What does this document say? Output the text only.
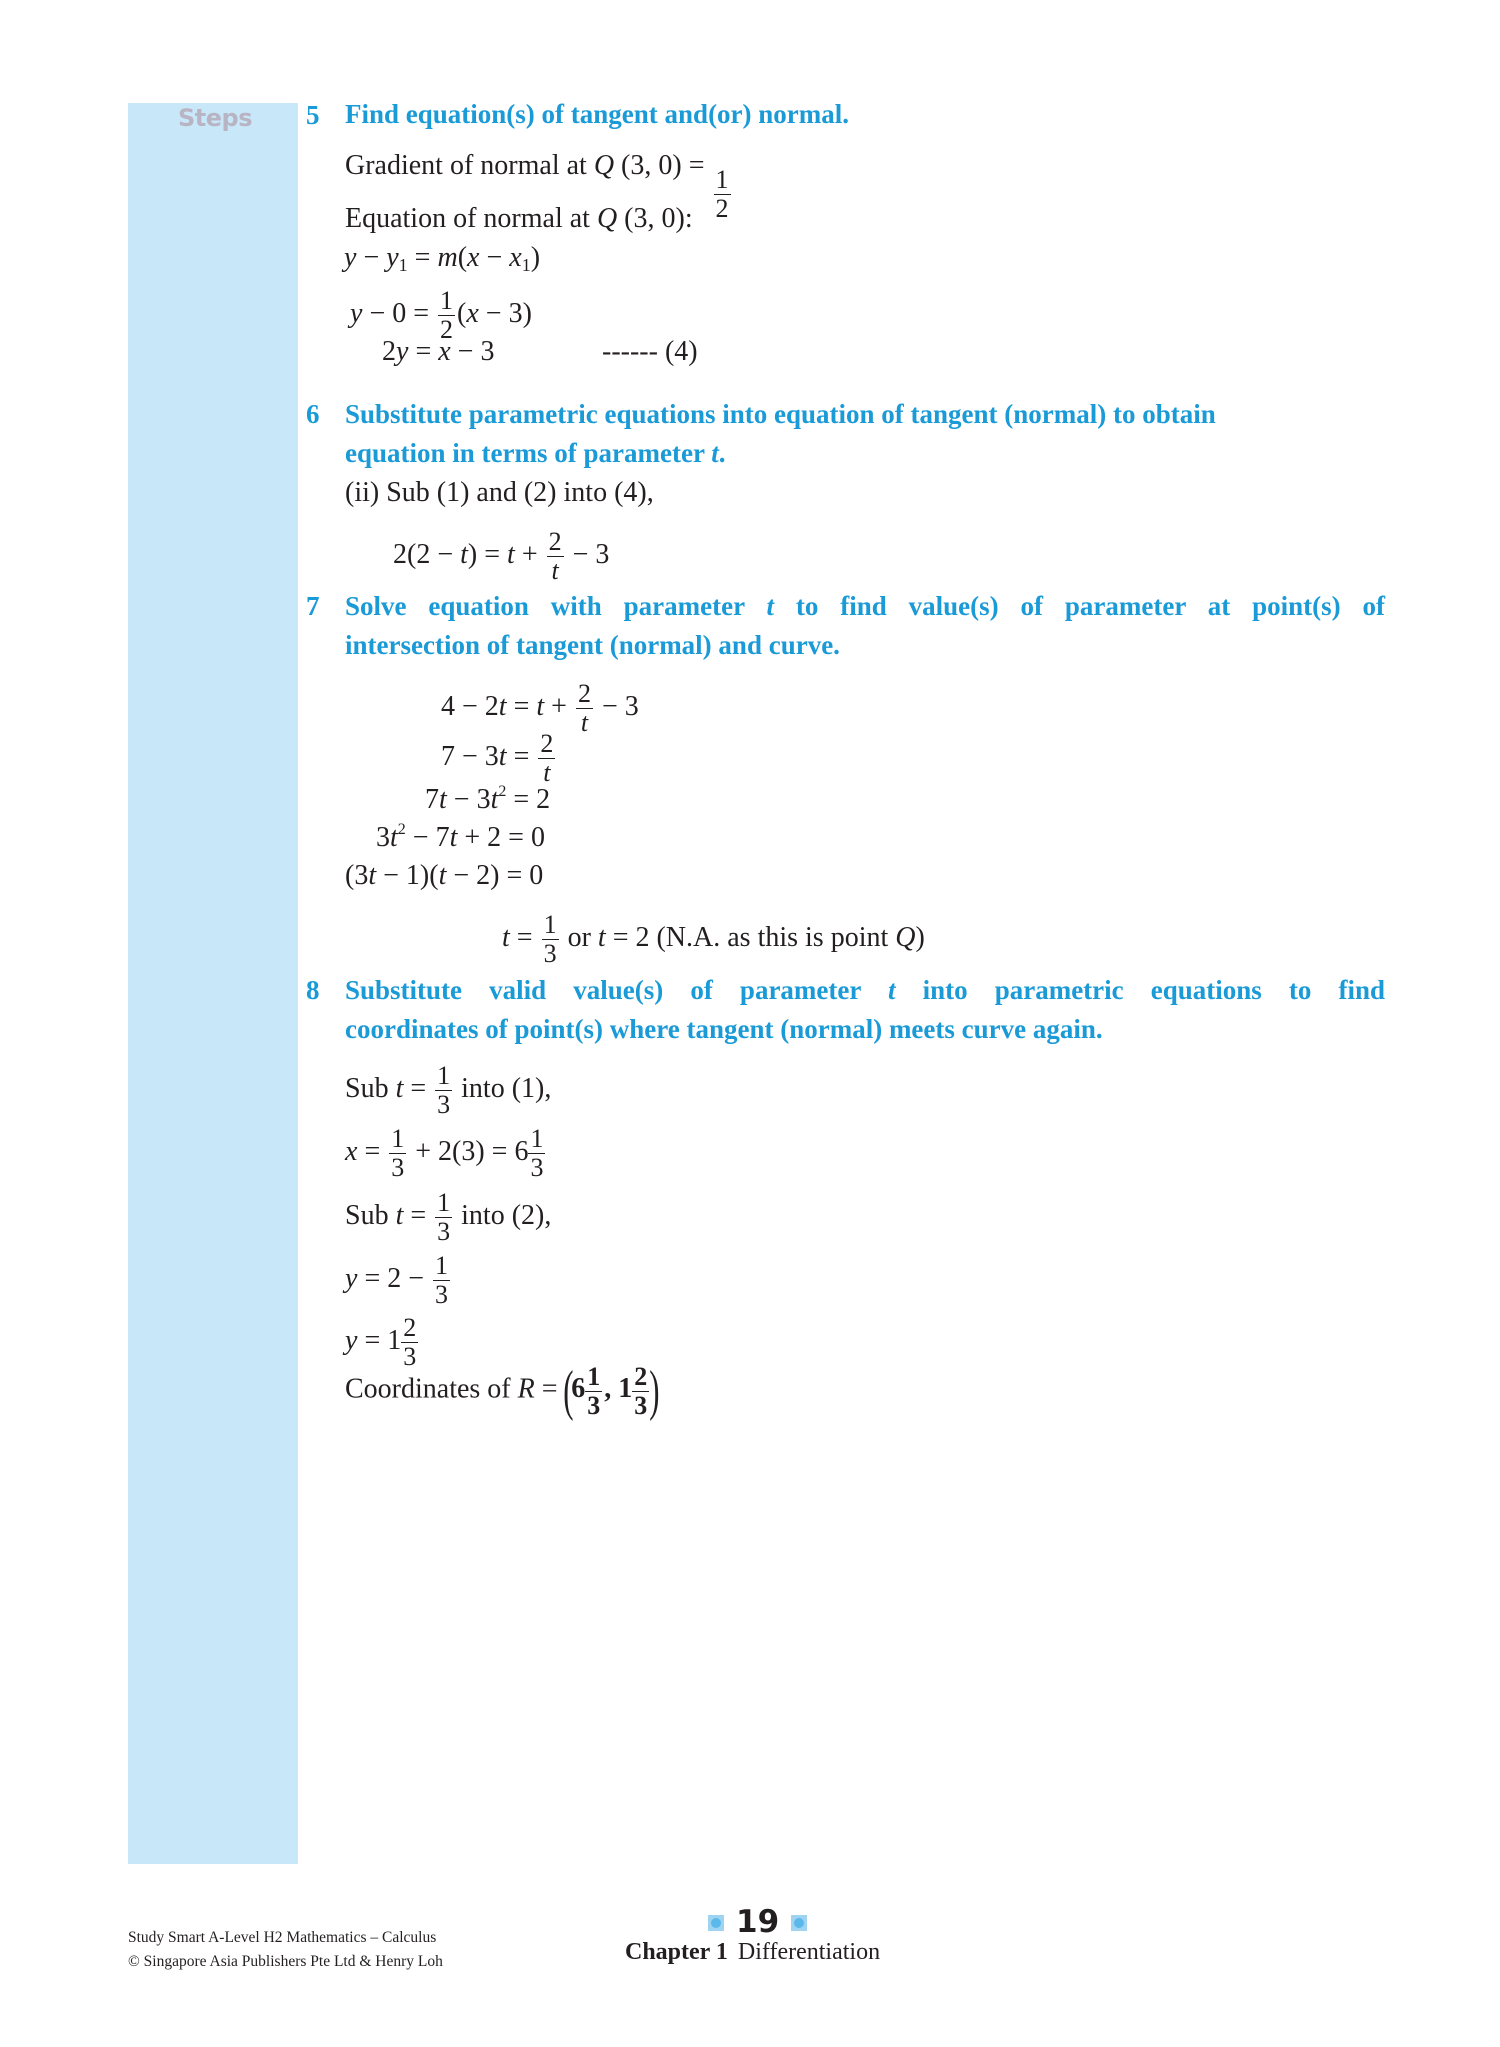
Steps 5 Find equation(s) of tangent and(or) normal.
Gradient of normal at Q (3, 0) =
$\frac{1}{2}$
Equation of normal at Q (3, 0):
$y - y_1 = m(x - x_1)$
$y - 0 = \frac{1}{2} (x - 3)$
2y = x − 3	------ (4)
6 Substitute parametric equations into equation of tangent (normal) to obtain
equation in terms of parameter t.
(ii) Sub (1) and (2) into (4),
$2(2 - t) = t + \frac{2}{t} - 3$
7 Solve equation with parameter t to find value(s) of parameter at point(s) of
intersection of tangent (normal) and curve.
$4 - 2t = t + \frac{2}{t} - 3$
$7 - 3t = \frac{2}{t}$
$7t - 3t^2 = 2$
$3t^2 - 7t + 2 = 0$
(3t − 1)(t − 2) = 0
$t = \frac{1}{3}$ or t = 2 (N.A. as this is point Q)
8 Substitute valid value(s) of parameter t into parametric equations to find
coordinates of point(s) where tangent (normal) meets curve again.
Sub $t = \frac{1}{3}$ into (1),
$x = \frac{1}{3} + 2(3) = 6 \frac{1}{3}$
Sub $t = \frac{1}{3}$ into (2),
$y = 2 - \frac{1}{3}$
$y = 1 \frac{2}{3}$
Coordinates of $R = (6 \frac{1}{3}$ , $1 \frac{2}{3}$ )
Study Smart A-Level H2 Mathematics – Calculus
© Singapore Asia Publishers Pte Ltd & Henry Loh
19
Chapter 1 Differentiation
